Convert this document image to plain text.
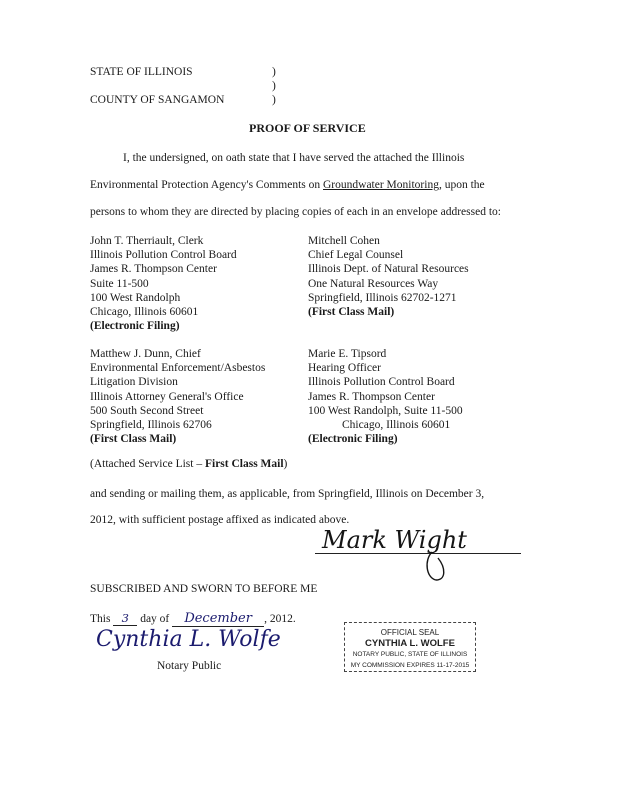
STATE OF ILLINOIS
COUNTY OF SANGAMON
)
)
)
PROOF OF SERVICE
I, the undersigned, on oath state that I have served the attached the Illinois
Environmental Protection Agency's Comments on Groundwater Monitoring, upon the
persons to whom they are directed by placing copies of each in an envelope addressed to:
John T. Therriault, Clerk
Illinois Pollution Control Board
James R. Thompson Center
Suite 11-500
100 West Randolph
Chicago, Illinois 60601
(Electronic Filing)
Mitchell Cohen
Chief Legal Counsel
Illinois Dept. of Natural Resources
One Natural Resources Way
Springfield, Illinois 62702-1271
(First Class Mail)
Matthew J. Dunn, Chief
Environmental Enforcement/Asbestos
Litigation Division
Illinois Attorney General's Office
500 South Second Street
Springfield, Illinois 62706
(First Class Mail)
Marie E. Tipsord
Hearing Officer
Illinois Pollution Control Board
James R. Thompson Center
100 West Randolph, Suite 11-500
Chicago, Illinois 60601
(Electronic Filing)
(Attached Service List – First Class Mail)
and sending or mailing them, as applicable, from Springfield, Illinois on December 3,
2012, with sufficient postage affixed as indicated above.
Mark Wight
SUBSCRIBED AND SWORN TO BEFORE ME
This 3 day of December , 2012.
Cynthia L. Wolfe
Notary Public
OFFICIAL SEAL
CYNTHIA L. WOLFE
NOTARY PUBLIC, STATE OF ILLINOIS
MY COMMISSION EXPIRES 11-17-2015
